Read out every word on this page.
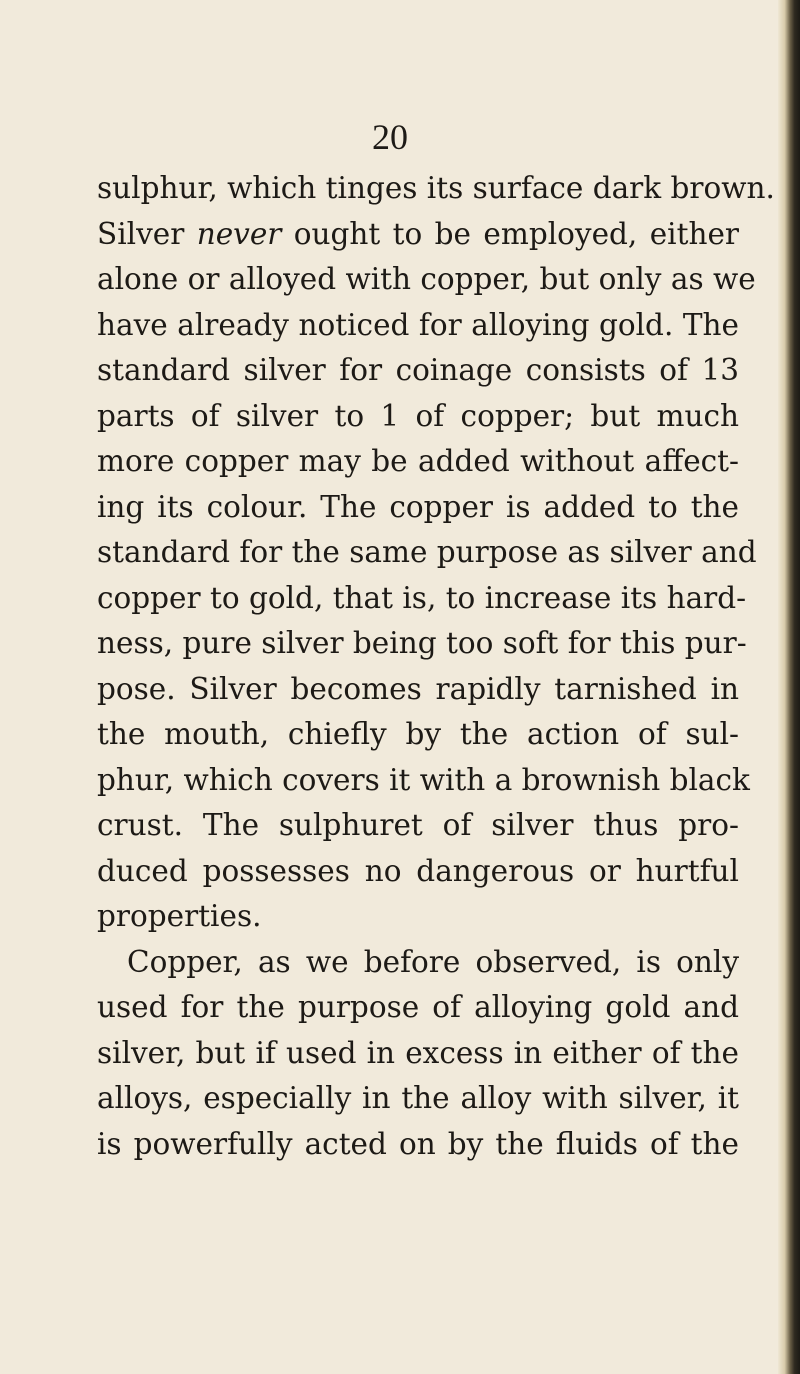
20
sulphur, which tinges its surface dark brown.
Silver never ought to be employed, either
alone or alloyed with copper, but only as we
have already noticed for alloying gold. The
standard silver for coinage consists of 13
parts of silver to 1 of copper; but much
more copper may be added without affect-
ing its colour. The copper is added to the
standard for the same purpose as silver and
copper to gold, that is, to increase its hard-
ness, pure silver being too soft for this pur-
pose. Silver becomes rapidly tarnished in
the mouth, chiefly by the action of sul-
phur, which covers it with a brownish black
crust. The sulphuret of silver thus pro-
duced possesses no dangerous or hurtful
properties.
Copper, as we before observed, is only
used for the purpose of alloying gold and
silver, but if used in excess in either of the
alloys, especially in the alloy with silver, it
is powerfully acted on by the fluids of the
